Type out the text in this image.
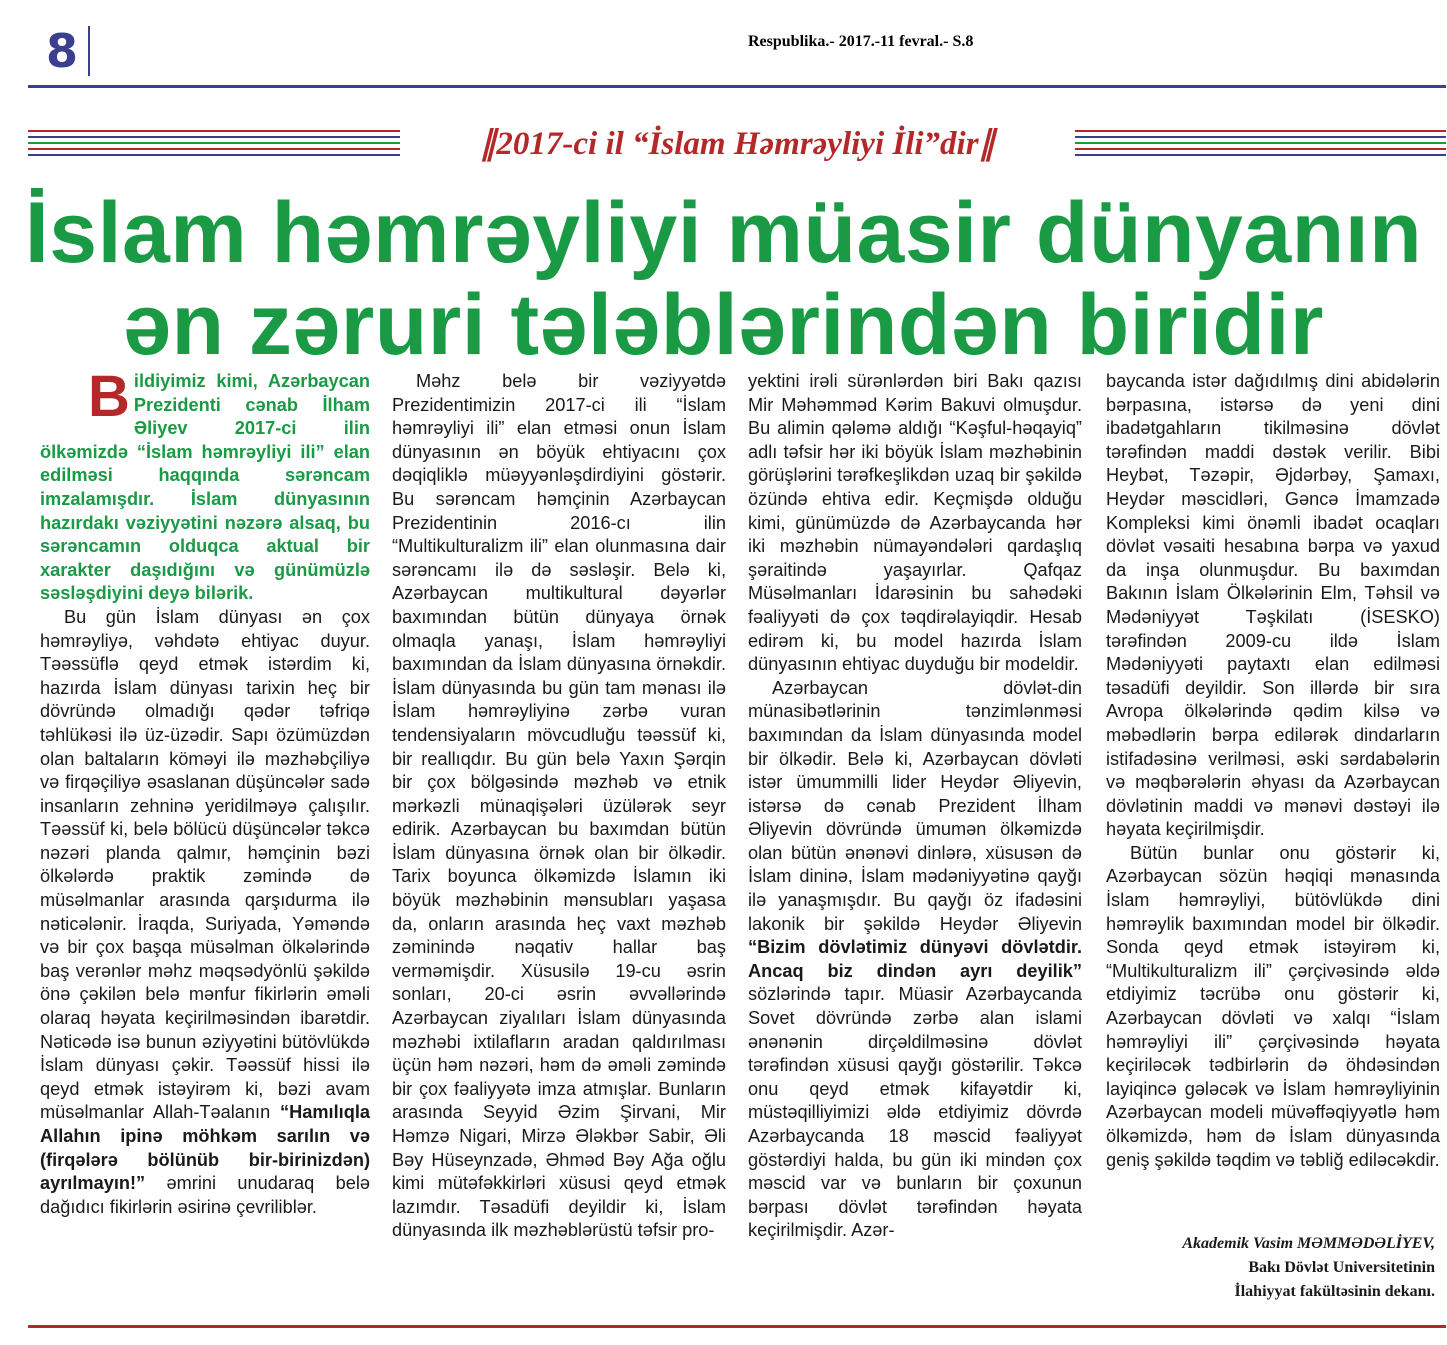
8	Respublika.- 2017.-11 fevral.- S.8
∥ 2017-ci il “İslam Həmrəyliyi İli”dir ∥
İslam həmrəyliyi müasir dünyanın
ən zəruri tələblərindən biridir

Bildiyimiz kimi, Azərbaycan Prezidenti cənab İlham Əliyev 2017-ci ilin ölkəmizdə “İslam həmrəyliyi ili” elan edilməsi haqqında sərəncam imzalamışdır. İslam dünyasının hazırdakı vəziyyətini nəzərə alsaq, bu sərəncamın olduqca aktual bir xarakter daşıdığını və günümüzlə səsləşdiyini deyə bilərik.

Bu gün İslam dünyası ən çox həmrəyliyə, vəhdətə ehtiyac duyur. Təəssüflə qeyd etmək istərdim ki, hazırda İslam dünyası tarixin heç bir dövründə olmadığı qədər təfriqə təhlükəsi ilə üz-üzədir. Sapı özümüzdən olan baltaların köməyi ilə məzhəbçiliyə və firqəçiliyə əsaslanan düşüncələr sadə insanların zehninə yeridilməyə çalışılır. Təəssüf ki, belə bölücü düşüncələr təkcə nəzəri planda qalmır, həmçinin bəzi ölkələrdə praktik zəmində də müsəlmanlar arasında qarşıdurma ilə nəticələnir. İraqda, Suriyada, Yəməndə və bir çox başqa müsəlman ölkələrində baş verənlər məhz məqsədyönlü şəkildə önə çəkilən belə mənfur fikirlərin əməli olaraq həyata keçirilməsindən ibarətdir. Nəticədə isə bunun əziyyətini bütövlükdə İslam dünyası çəkir. Təəssüf hissi ilə qeyd etmək istəyirəm ki, bəzi avam müsəlmanlar Allah-Təalanın “Hamılıqla Allahın ipinə möhkəm sarılın və (firqələrə bölünüb bir-birinizdən) ayrılmayın!” əmrini unudaraq belə dağıdıcı fikirlərin əsirinə çevriliblər.

Məhz belə bir vəziyyətdə Prezidentimizin 2017-ci ili “İslam həmrəyliyi ili” elan etməsi onun İslam dünyasının ən böyük ehtiyacını çox dəqiqliklə müəyyənləşdirdiyini göstərir. Bu sərəncam həmçinin Azərbaycan Prezidentinin 2016-cı ilin “Multikulturalizm ili” elan olunmasına dair sərəncamı ilə də səsləşir. Belə ki, Azərbaycan multikultural dəyərlər baxımından bütün dünyaya örnək olmaqla yanaşı, İslam həmrəyliyi baxımından da İslam dünyasına örnəkdir. İslam dünyasında bu gün tam mənası ilə İslam həmrəyliyinə zərbə vuran tendensiyaların mövcudluğu təəssüf ki, bir reallıqdır. Bu gün belə Yaxın Şərqin bir çox bölgəsində məzhəb və etnik mərkəzli münaqişələri üzülərək seyr edirik. Azərbaycan bu baxımdan bütün İslam dünyasına örnək olan bir ölkədir. Tarix boyunca ölkəmizdə İslamın iki böyük məzhəbinin mənsubları yaşasa da, onların arasında heç vaxt məzhəb zəminində nəqativ hallar baş verməmişdir. Xüsusilə 19-cu əsrin sonları, 20-ci əsrin əvvəllərində Azərbaycan ziyalıları İslam dünyasında məzhəbi ixtilafların aradan qaldırılması üçün həm nəzəri, həm də əməli zəmində bir çox fəaliyyətə imza atmışlar. Bunların arasında Seyyid Əzim Şirvani, Mir Həmzə Nigari, Mirzə Ələkbər Sabir, Əli Bəy Hüseynzadə, Əhməd Bəy Ağa oğlu kimi mütəfəkkirləri xüsusi qeyd etmək lazımdır. Təsadüfi deyildir ki, İslam dünyasında ilk məzhəblərüstü təfsir pro-

yektini irəli sürənlərdən biri Bakı qazısı Mir Məhəmməd Kərim Bakuvi olmuşdur. Bu alimin qələmə aldığı “Kəşful-həqayiq” adlı təfsir hər iki böyük İslam məzhəbinin görüşlərini tərəfkeşlikdən uzaq bir şəkildə özündə ehtiva edir. Keçmişdə olduğu kimi, günümüzdə də Azərbaycanda hər iki məzhəbin nümayəndələri qardaşlıq şəraitində yaşayırlar. Qafqaz Müsəlmanları İdarəsinin bu sahədəki fəaliyyəti də çox təqdirəlayiqdir. Hesab edirəm ki, bu model hazırda İslam dünyasının ehtiyac duyduğu bir modeldir.

Azərbaycan dövlət-din münasibətlərinin tənzimlənməsi baxımından da İslam dünyasında model bir ölkədir. Belə ki, Azərbaycan dövləti istər ümummilli lider Heydər Əliyevin, istərsə də cənab Prezident İlham Əliyevin dövründə ümumən ölkəmizdə olan bütün ənənəvi dinlərə, xüsusən də İslam dininə, İslam mədəniyyətinə qayğı ilə yanaşmışdır. Bu qayğı öz ifadəsini lakonik bir şəkildə Heydər Əliyevin “Bizim dövlətimiz dünyəvi dövlətdir. Ancaq biz dindən ayrı deyilik” sözlərində tapır. Müasir Azərbaycanda Sovet dövründə zərbə alan islami ənənənin dirçəldilməsinə dövlət tərəfindən xüsusi qayğı göstərilir. Təkcə onu qeyd etmək kifayətdir ki, müstəqilliyimizi əldə etdiyimiz dövrdə Azərbaycanda 18 məscid fəaliyyət göstərdiyi halda, bu gün iki mindən çox məscid var və bunların bir çoxunun bərpası dövlət tərəfindən həyata keçirilmişdir. Azər-

baycanda istər dağıdılmış dini abidələrin bərpasına, istərsə də yeni dini ibadətgahların tikilməsinə dövlət tərəfindən maddi dəstək verilir. Bibi Heybət, Təzəpir, Əjdərbəy, Şamaxı, Heydər məscidləri, Gəncə İmamzadə Kompleksi kimi önəmli ibadət ocaqları dövlət vəsaiti hesabına bərpa və yaxud da inşa olunmuşdur. Bu baxımdan Bakının İslam Ölkələrinin Elm, Təhsil və Mədəniyyət Təşkilatı (İSESKO) tərəfindən 2009-cu ildə İslam Mədəniyyəti paytaxtı elan edilməsi təsadüfi deyildir. Son illərdə bir sıra Avropa ölkələrində qədim kilsə və məbədlərin bərpa edilərək dindarların istifadəsinə verilməsi, əski sərdabələrin və məqbərələrin əhyası da Azərbaycan dövlətinin maddi və mənəvi dəstəyi ilə həyata keçirilmişdir.

Bütün bunlar onu göstərir ki, Azərbaycan sözün həqiqi mənasında İslam həmrəyliyi, bütövlükdə dini həmrəylik baxımından model bir ölkədir. Sonda qeyd etmək istəyirəm ki, “Multikulturalizm ili” çərçivəsində əldə etdiyimiz təcrübə onu göstərir ki, Azərbaycan dövləti və xalqı “İslam həmrəyliyi ili” çərçivəsində həyata keçiriləcək tədbirlərin də öhdəsindən layiqincə gələcək və İslam həmrəyliyinin Azərbaycan modeli müvəffəqiyyətlə həm ölkəmizdə, həm də İslam dünyasında geniş şəkildə təqdim və təbliğ ediləcəkdir.

Akademik Vasim MƏMMƏDƏLİYEV,
Bakı Dövlət Universitetinin
İlahiyyat fakültəsinin dekanı.
